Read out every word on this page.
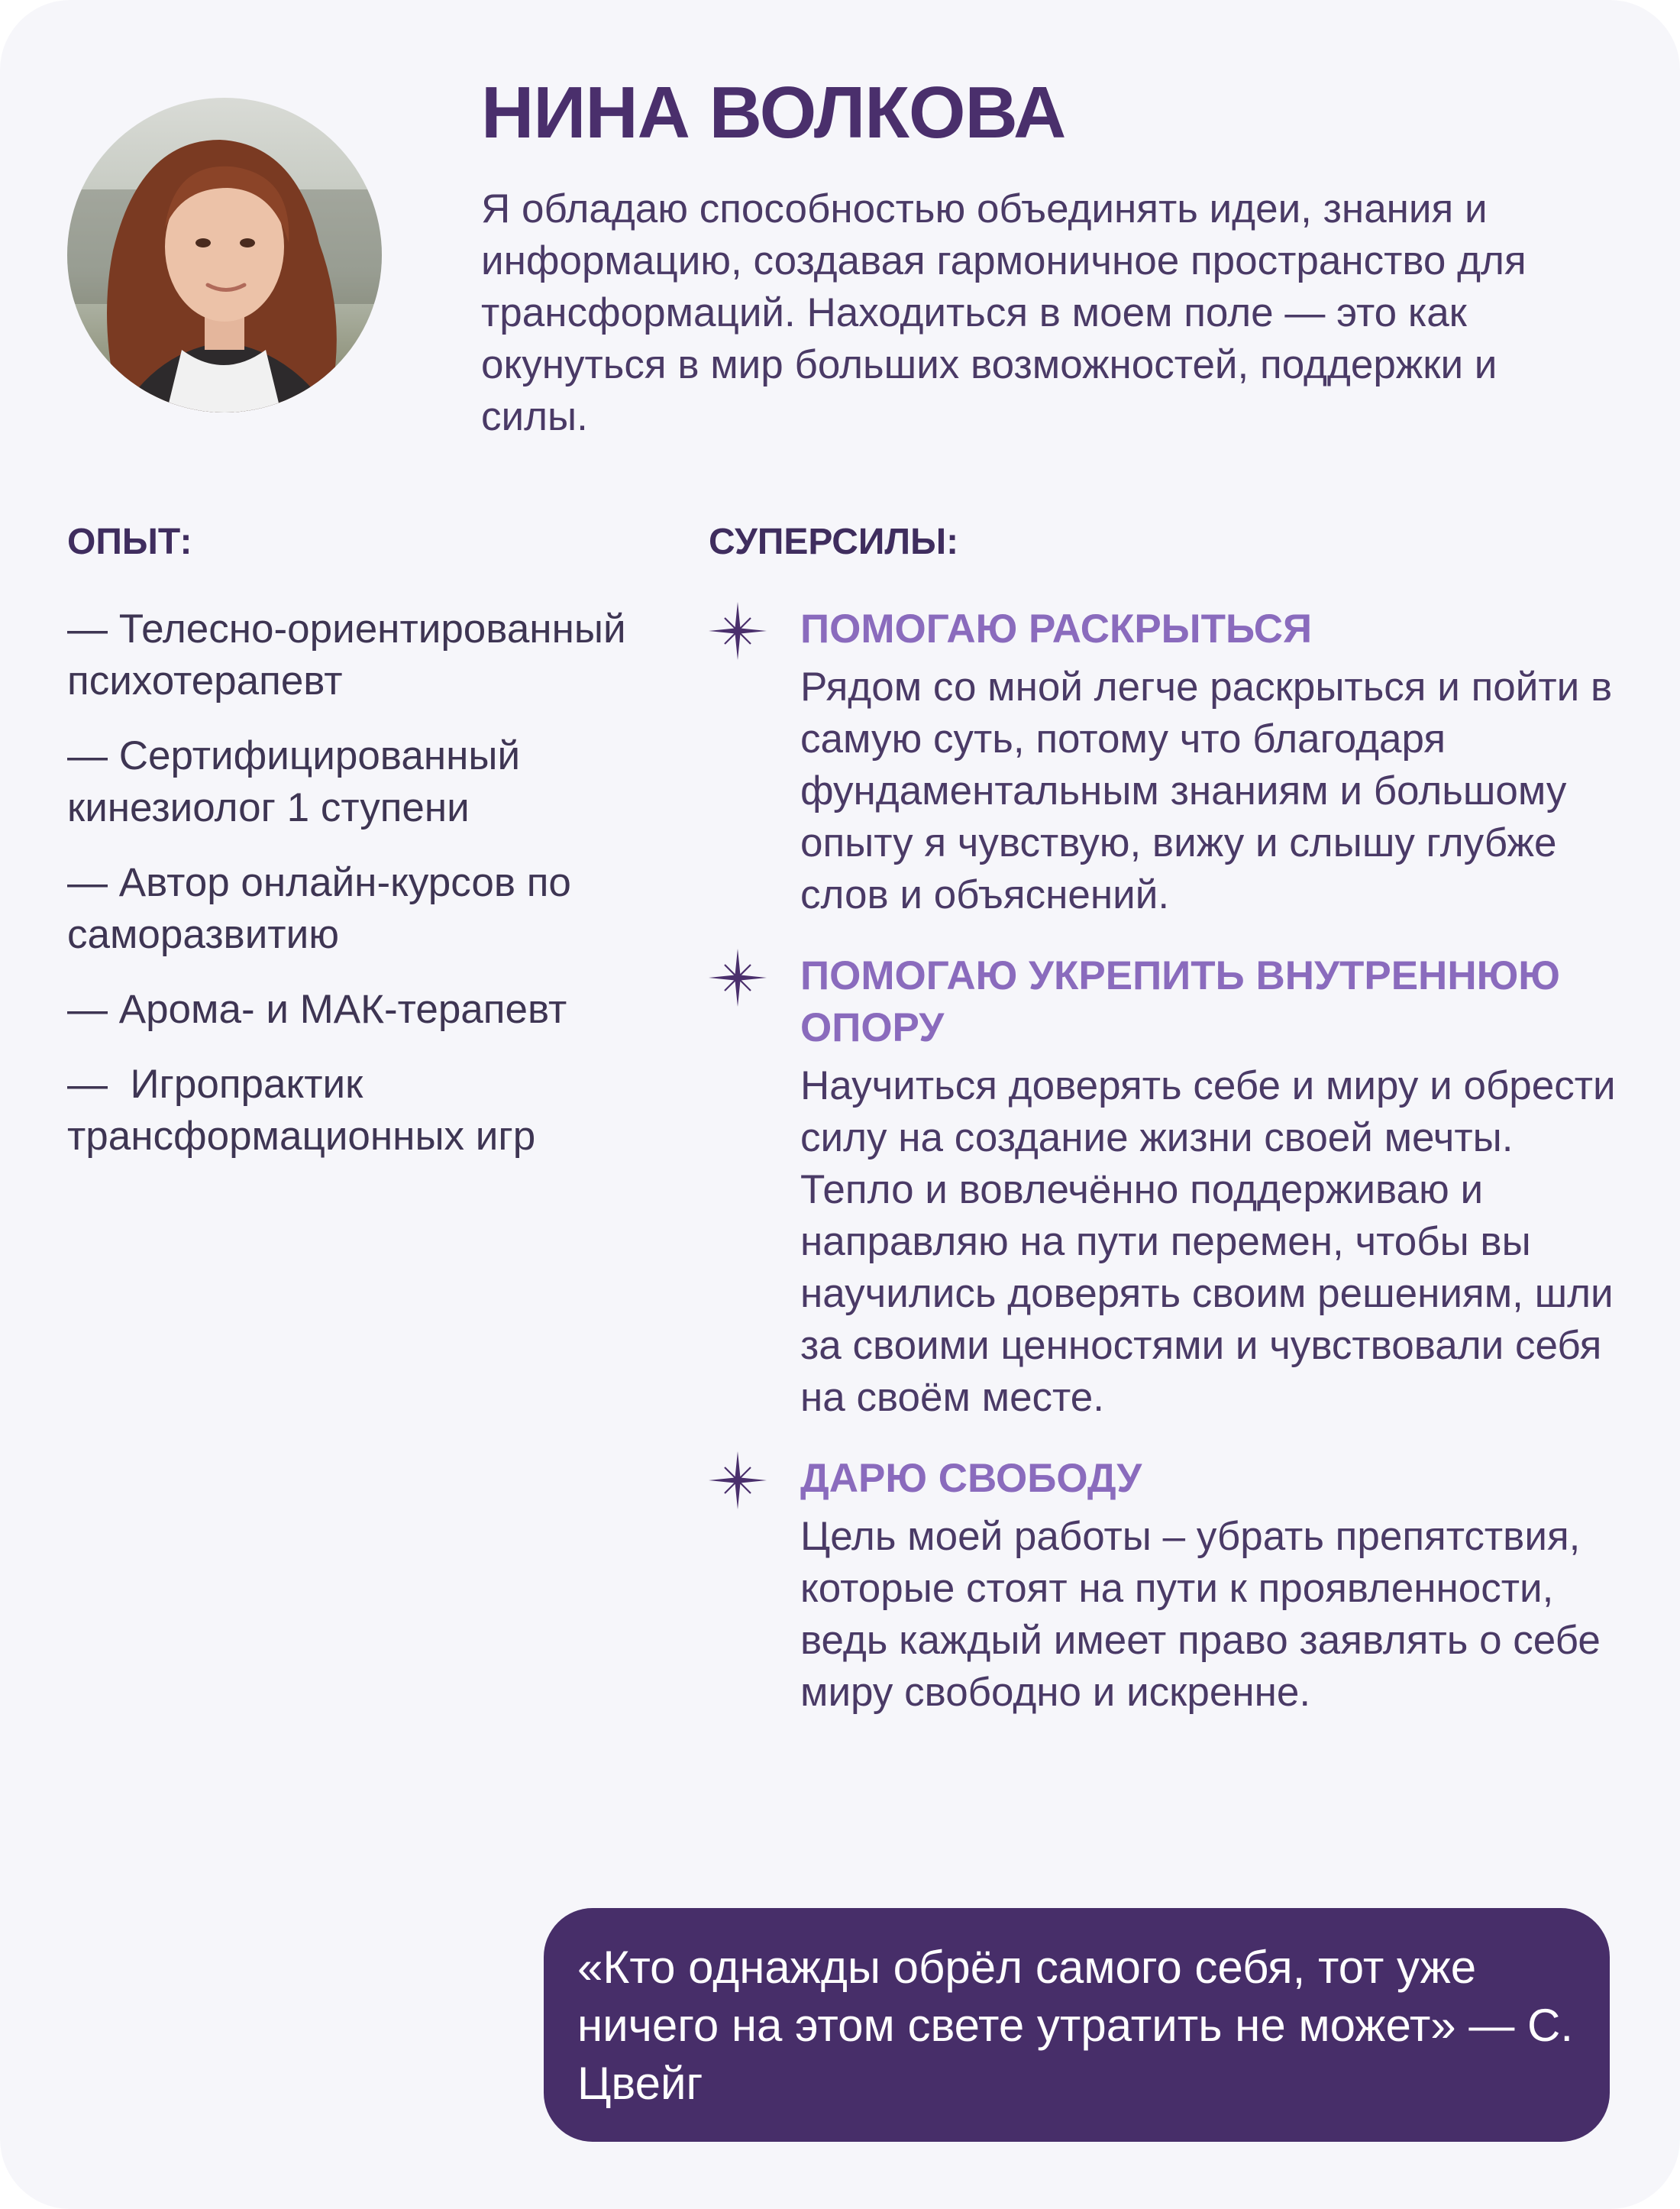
НИНА ВОЛКОВА

Я обладаю способностью объединять идеи, знания и информацию, создавая гармоничное пространство для трансформаций. Находиться в моем поле — это как окунуться в мир больших возможностей, поддержки и силы.

ОПЫТ:
— Телесно-ориентированный психотерапевт
— Сертифицированный кинезиолог 1 ступени
— Автор онлайн-курсов по саморазвитию
— Арома- и МАК-терапевт
—  Игропрактик трансформационных игр
СУПЕРСИЛЫ:

ПОМОГАЮ РАСКРЫТЬСЯ

Рядом со мной легче раскрыться и пойти в самую суть, потому что благодаря фундаментальным знаниям и большому опыту я чувствую, вижу и слышу глубже слов и объяснений.

ПОМОГАЮ УКРЕПИТЬ ВНУТРЕННЮЮ ОПОРУ

Научиться доверять себе и миру и обрести силу на создание жизни своей мечты. Тепло и вовлечённо поддерживаю и направляю на пути перемен, чтобы вы научились доверять своим решениям, шли за своими ценностями и чувствовали себя на своём месте.

ДАРЮ СВОБОДУ

Цель моей работы – убрать препятствия, которые стоят на пути к проявленности, ведь каждый имеет право заявлять о себе миру свободно и искренне.

«Кто однажды обрёл самого себя, тот уже ничего на этом свете утратить не может» — С. Цвейг
